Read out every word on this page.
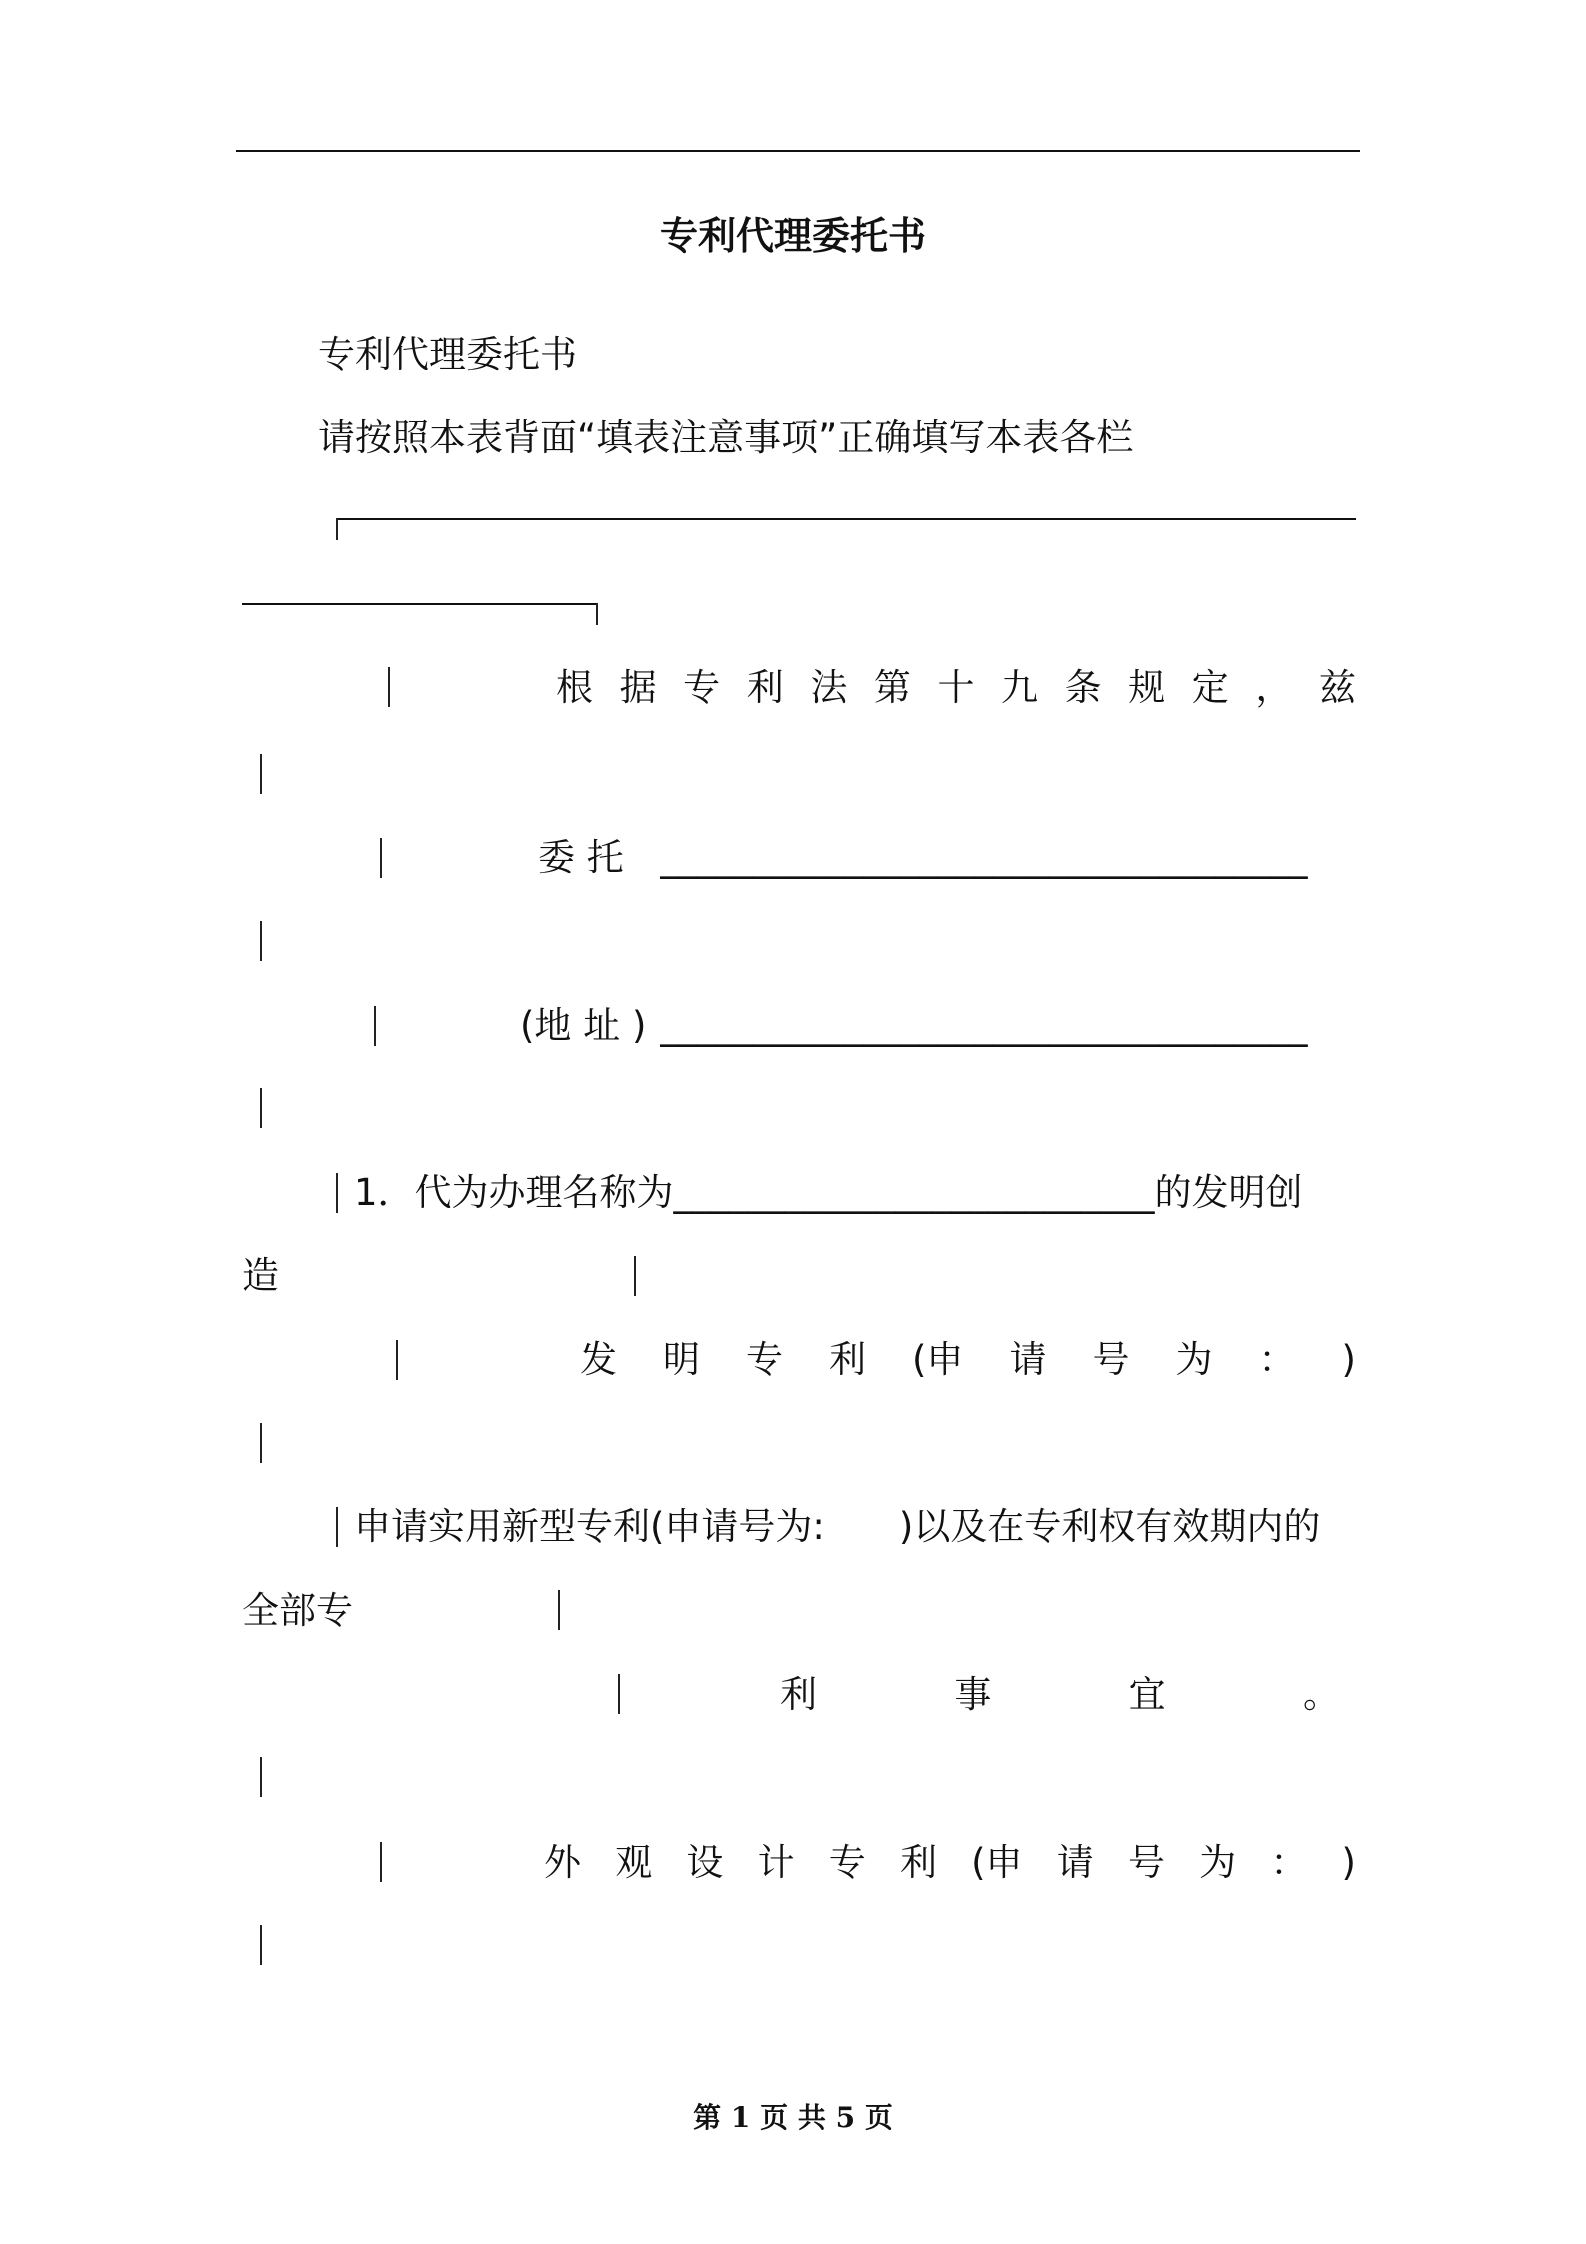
专利代理委托书
专利代理委托书
请按照本表背面“填表注意事项”正确填写本表各栏
根 据 专 利 法 第 十 九 条 规 定 ， 兹
委 托 ___________________________________
(地 址 ) ___________________________________
1．代为办理名称为__________________________的发明创
造
发 明 专 利 (申 请 号 为 ： )
申请实用新型专利(申请号为:　　)以及在专利权有效期内的
全部专
利	事	宜	。
外 观 设 计 专 利 (申 请 号 为 ： )
第 1 页 共 5 页
